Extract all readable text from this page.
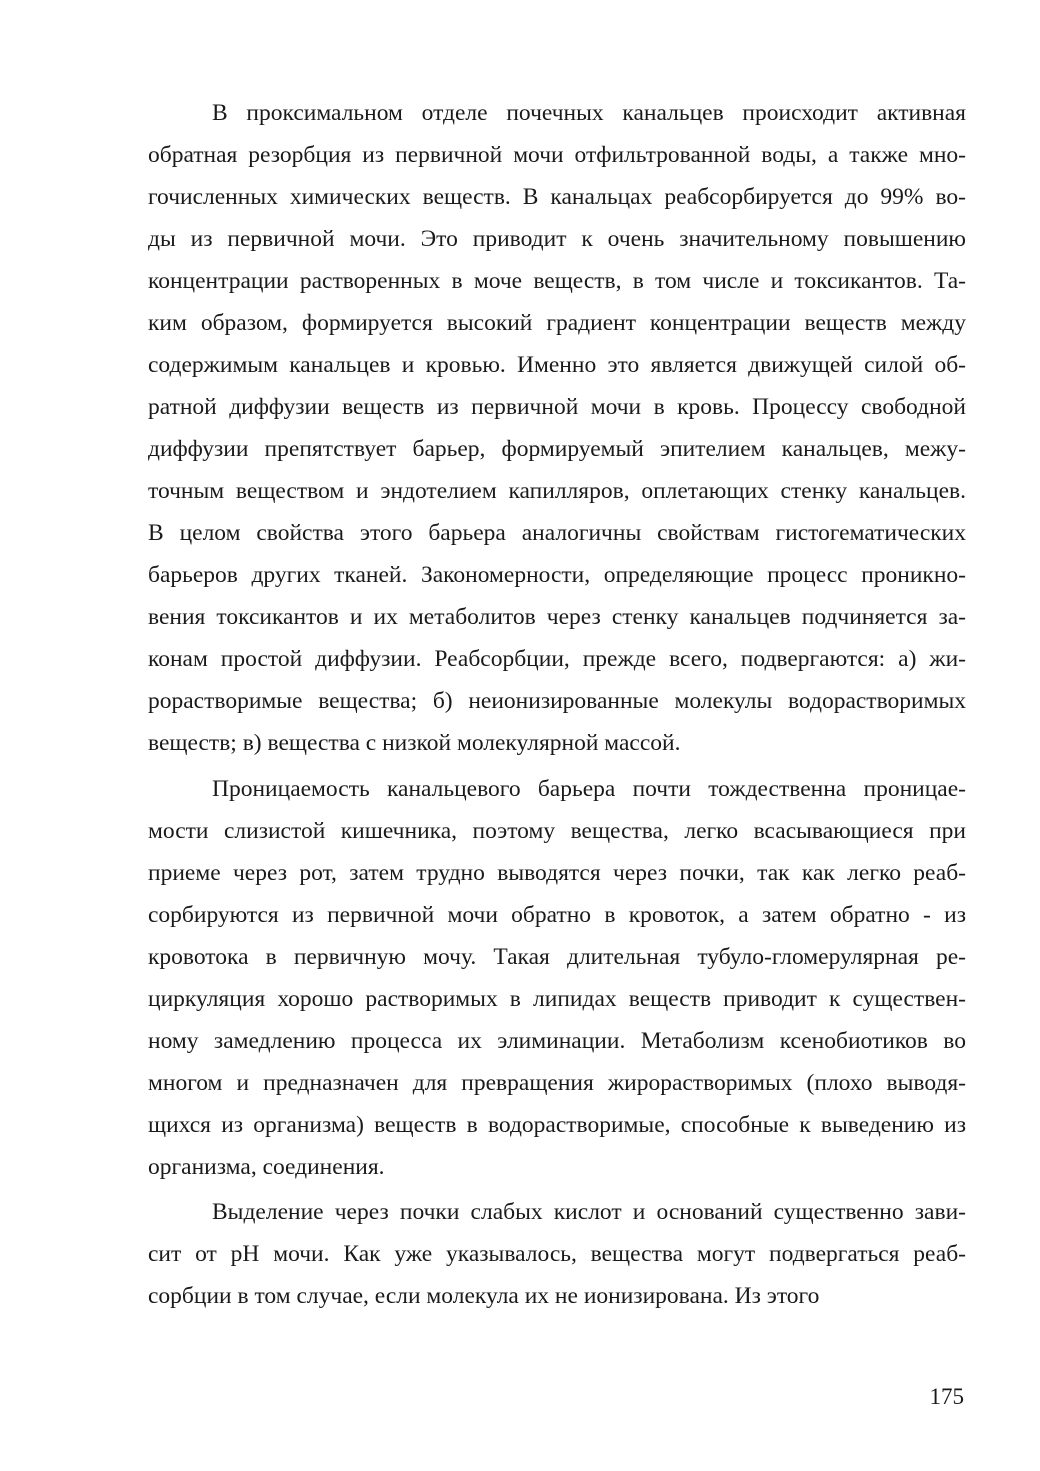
В проксимальном отделе почечных канальцев происходит активная
обратная резорбция из первичной мочи отфильтрованной воды, а также мно-
гочисленных химических веществ. В канальцах реабсорбируется до 99% во-
ды из первичной мочи. Это приводит к очень значительному повышению
концентрации растворенных в моче веществ, в том числе и токсикантов. Та-
ким образом, формируется высокий градиент концентрации веществ между
содержимым канальцев и кровью. Именно это является движущей силой об-
ратной диффузии веществ из первичной мочи в кровь. Процессу свободной
диффузии препятствует барьер, формируемый эпителием канальцев, межу-
точным веществом и эндотелием капилляров, оплетающих стенку канальцев.
В целом свойства этого барьера аналогичны свойствам гистогематических
барьеров других тканей. Закономерности, определяющие процесс проникно-
вения токсикантов и их метаболитов через стенку канальцев подчиняется за-
конам простой диффузии. Реабсорбции, прежде всего, подвергаются: а) жи-
рорастворимые вещества; б) неионизированные молекулы водорастворимых
веществ; в) вещества с низкой молекулярной массой.
Проницаемость канальцевого барьера почти тождественна проницае-
мости слизистой кишечника, поэтому вещества, легко всасывающиеся при
приеме через рот, затем трудно выводятся через почки, так как легко реаб-
сорбируются из первичной мочи обратно в кровоток, а затем обратно - из
кровотока в первичную мочу. Такая длительная тубуло-гломерулярная ре-
циркуляция хорошо растворимых в липидах веществ приводит к существен-
ному замедлению процесса их элиминации. Метаболизм ксенобиотиков во
многом и предназначен для превращения жирорастворимых (плохо выводя-
щихся из организма) веществ в водорастворимые, способные к выведению из
организма, соединения.
Выделение через почки слабых кислот и оснований существенно зави-
сит от рН мочи. Как уже указывалось, вещества могут подвергаться реаб-
сорбции в том случае, если молекула их не ионизирована. Из этого
175
